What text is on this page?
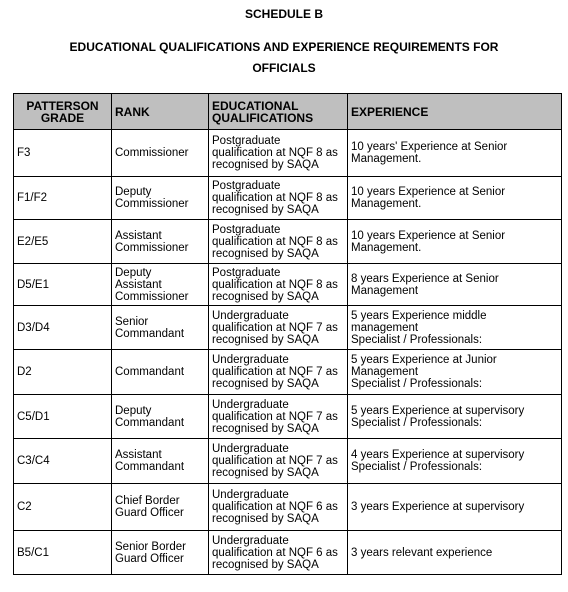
SCHEDULE B
EDUCATIONAL QUALIFICATIONS AND EXPERIENCE REQUIREMENTS FOR
OFFICIALS
PATTERSON GRADE	RANK	EDUCATIONAL QUALIFICATIONS	EXPERIENCE
F3	Commissioner	Postgraduate
qualification at NQF 8 as
recognised by SAQA	10 years' Experience at Senior
Management.
F1/F2	Deputy
Commissioner	Postgraduate
qualification at NQF 8 as
recognised by SAQA	10 years Experience at Senior
Management.
E2/E5	Assistant
Commissioner	Postgraduate
qualification at NQF 8 as
recognised by SAQA	10 years Experience at Senior
Management.
D5/E1	Deputy
Assistant
Commissioner	Postgraduate
qualification at NQF 8 as
recognised by SAQA	8 years Experience at Senior
Management
D3/D4	Senior
Commandant	Undergraduate
qualification at NQF 7 as
recognised by SAQA	5 years Experience middle
management
Specialist / Professionals:
D2	Commandant	Undergraduate
qualification at NQF 7 as
recognised by SAQA	5 years Experience at Junior
Management
Specialist / Professionals:
C5/D1	Deputy
Commandant	Undergraduate
qualification at NQF 7 as
recognised by SAQA	5 years Experience at supervisory
Specialist / Professionals:
C3/C4	Assistant
Commandant	Undergraduate
qualification at NQF 7 as
recognised by SAQA	4 years Experience at supervisory
Specialist / Professionals:
C2	Chief Border
Guard Officer	Undergraduate
qualification at NQF 6 as
recognised by SAQA	3 years Experience at supervisory
B5/C1	Senior Border
Guard Officer	Undergraduate
qualification at NQF 6 as
recognised by SAQA	3 years relevant experience
